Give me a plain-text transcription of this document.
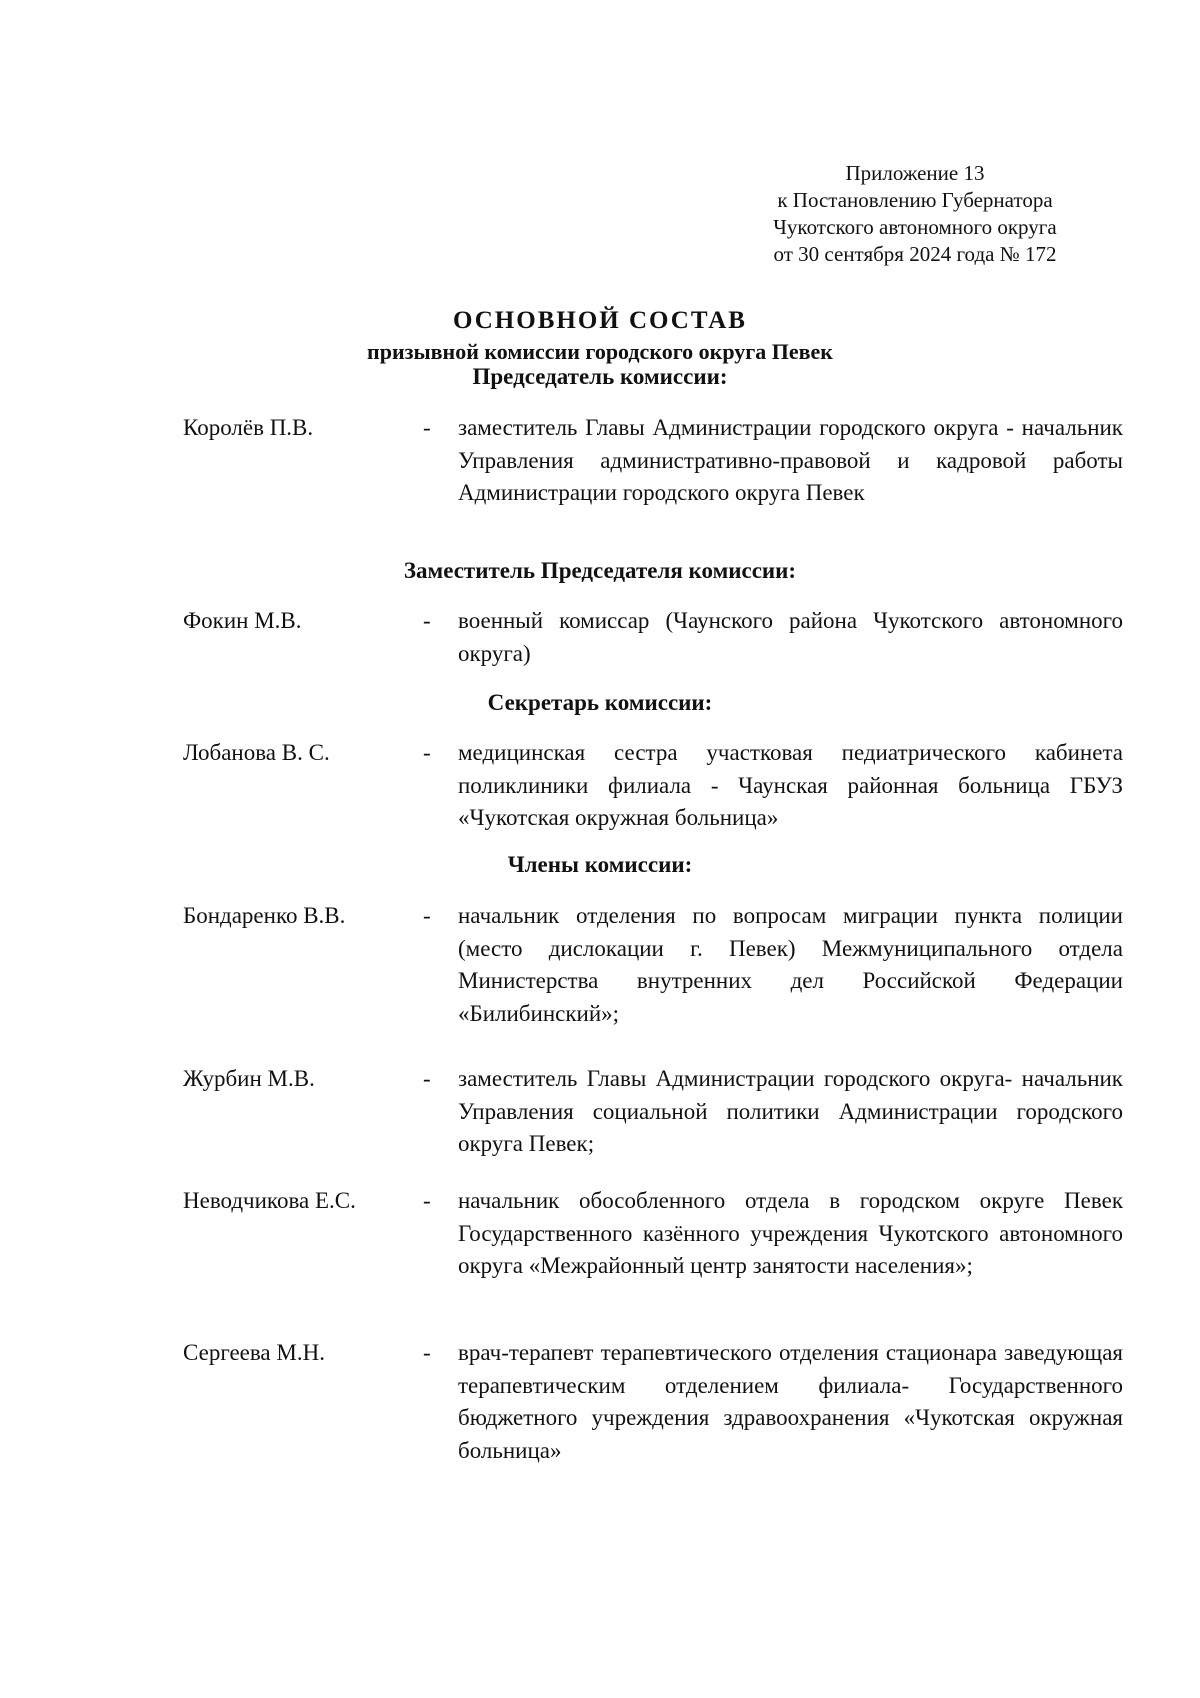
Приложение 13
к Постановлению Губернатора
Чукотского автономного округа
от 30 сентября 2024 года № 172
ОСНОВНОЙ СОСТАВ
призывной комиссии городского округа Певек
Председатель комиссии:
Королёв П.В.	- заместитель Главы Администрации городского округа - начальник Управления административно-правовой и кадровой работы Администрации городского округа Певек
Заместитель Председателя комиссии:
Фокин М.В.	- военный комиссар (Чаунского района Чукотского автономного округа)
Секретарь комиссии:
Лобанова В. С.	- медицинская сестра участковая педиатрического кабинета поликлиники филиала - Чаунская районная больница ГБУЗ «Чукотская окружная больница»
Члены комиссии:
Бондаренко В.В.	- начальник отделения по вопросам миграции пункта полиции (место дислокации г. Певек) Межмуниципального отдела Министерства внутренних дел Российской Федерации «Билибинский»;
Журбин М.В.	- заместитель Главы Администрации городского округа- начальник Управления социальной политики Администрации городского округа Певек;
Неводчикова Е.С.	- начальник обособленного отдела в городском округе Певек Государственного казённого учреждения Чукотского автономного округа «Межрайонный центр занятости населения»;
Сергеева М.Н.	- врач-терапевт терапевтического отделения стационара заведующая терапевтическим отделением филиала- Государственного бюджетного учреждения здравоохранения «Чукотская окружная больница»
